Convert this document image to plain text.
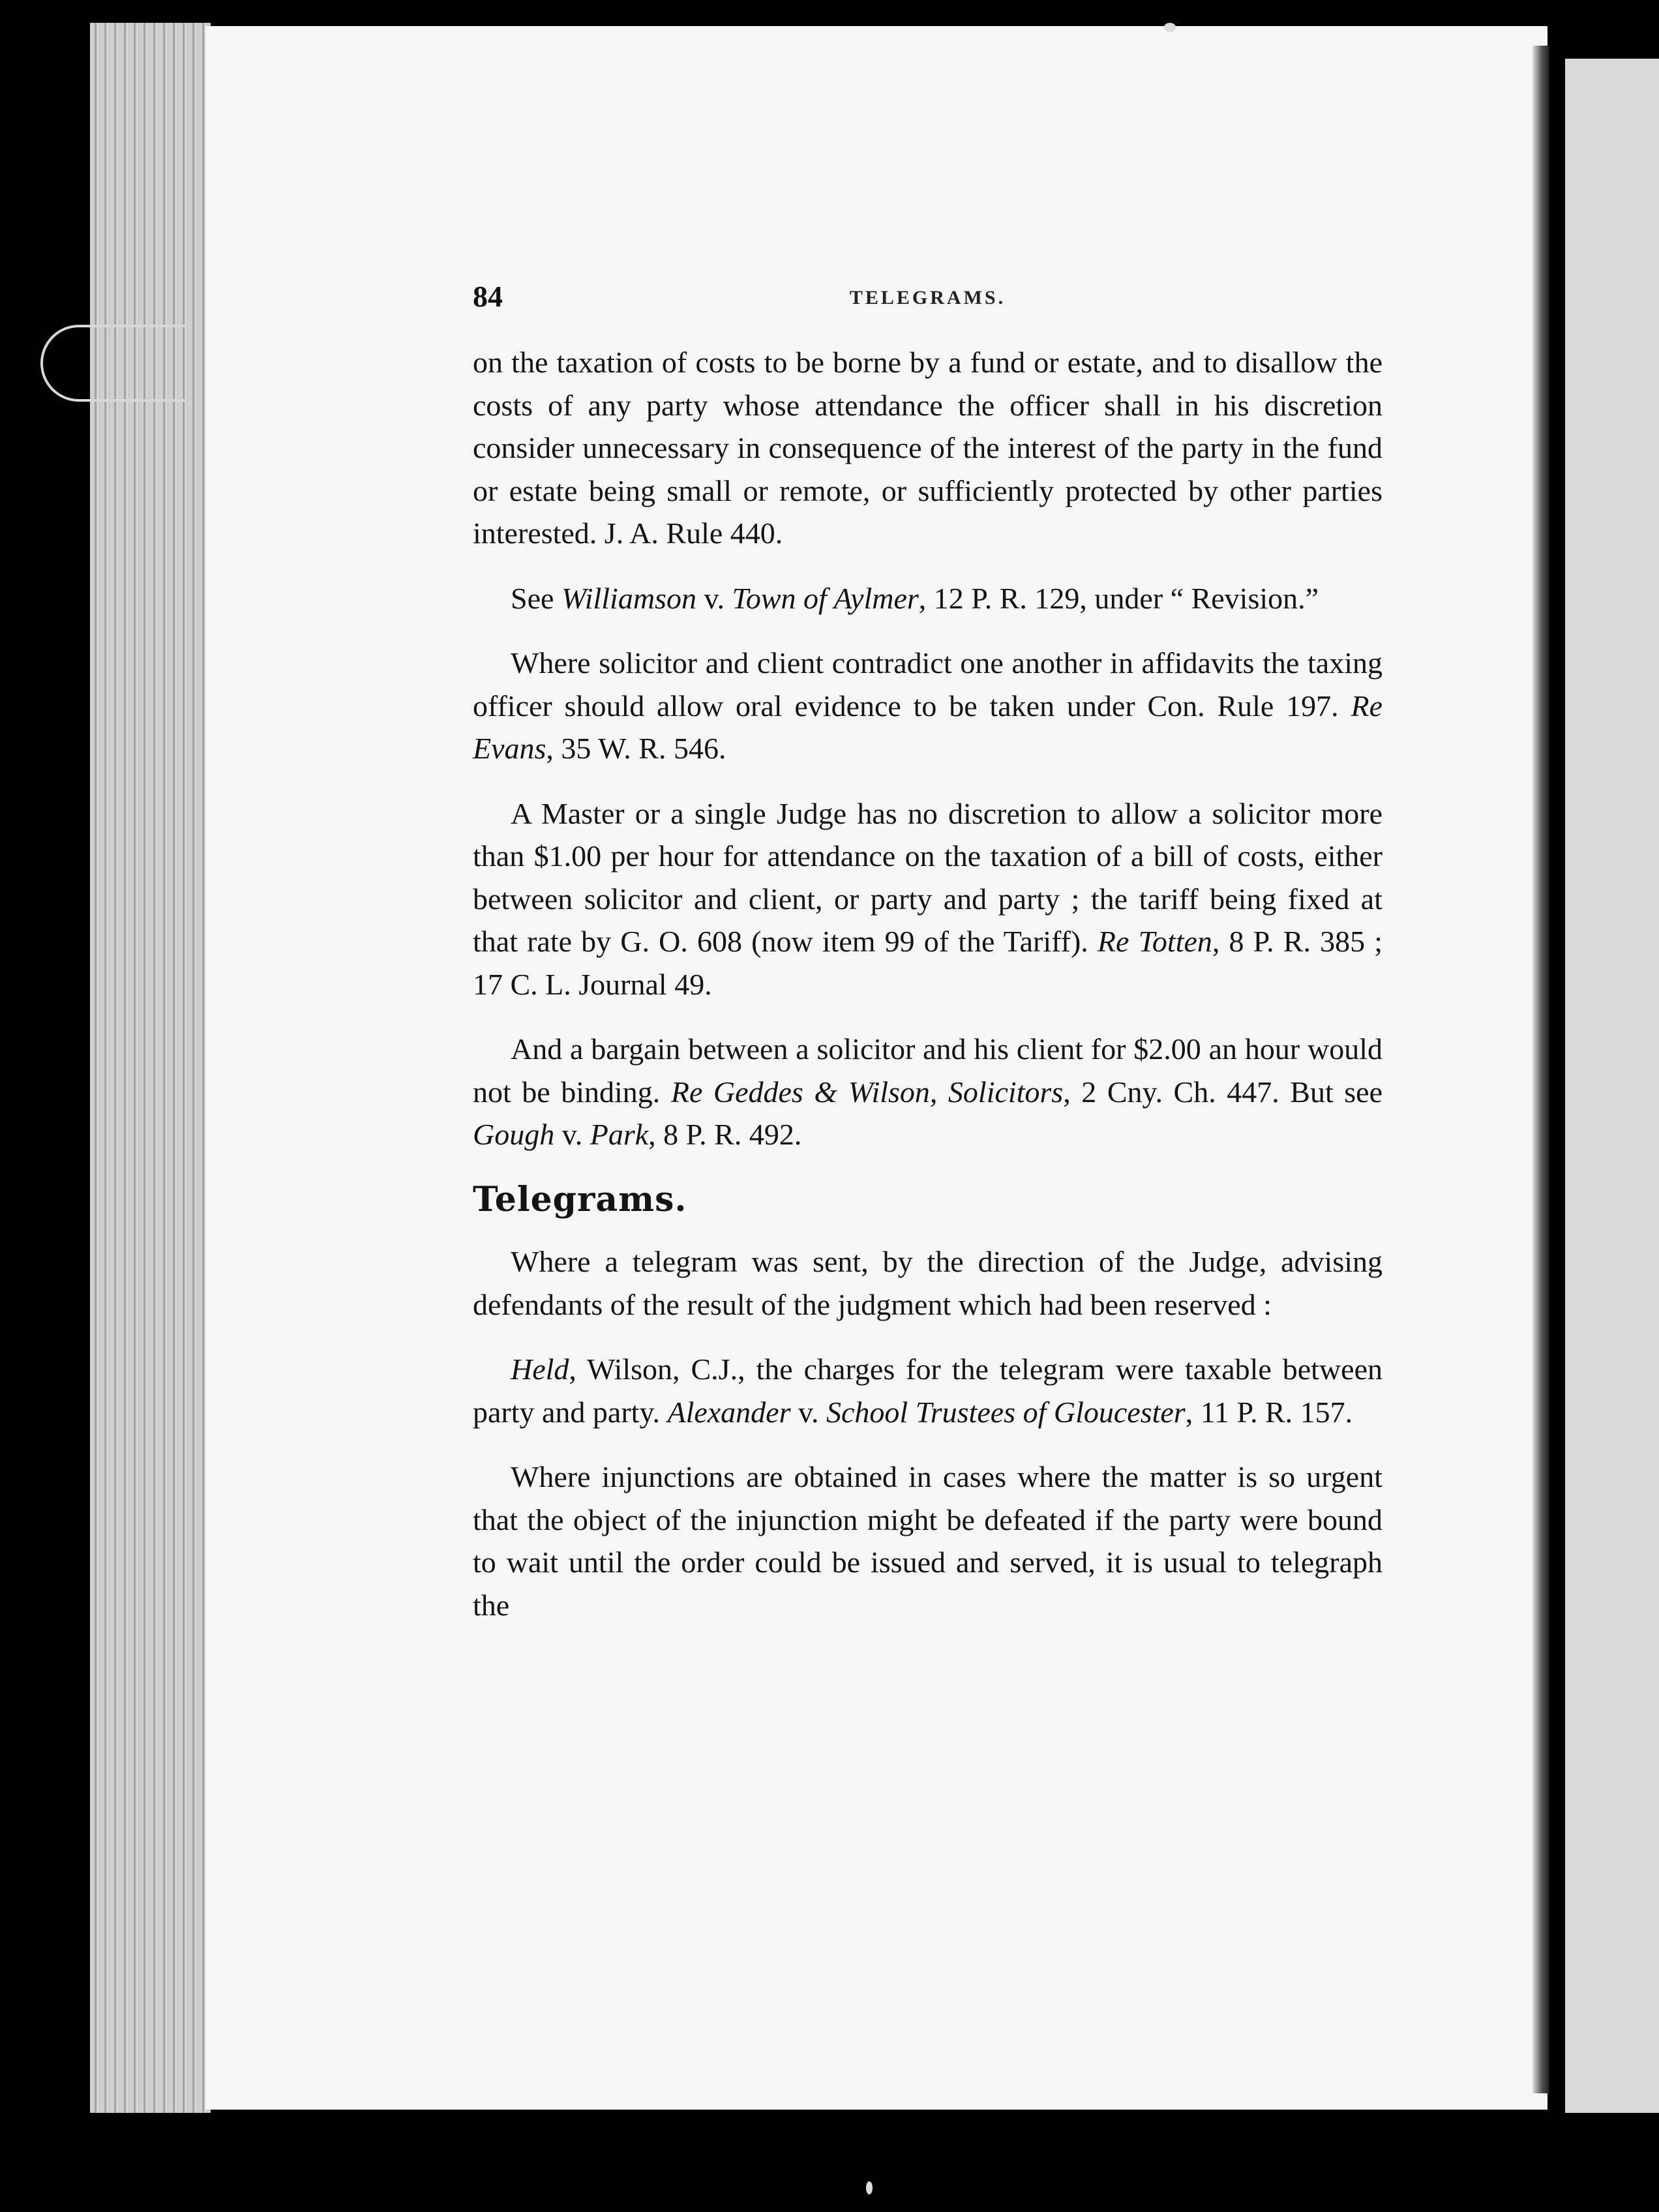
84	TELEGRAMS.

on the taxation of costs to be borne by a fund or estate, and to disallow the costs of any party whose attendance the officer shall in his discretion consider unnecessary in consequence of the interest of the party in the fund or estate being small or remote, or sufficiently protected by other parties interested. J. A. Rule 440.

See Williamson v. Town of Aylmer, 12 P. R. 129, under “ Revision.”

Where solicitor and client contradict one another in affidavits the taxing officer should allow oral evidence to be taken under Con. Rule 197. Re Evans, 35 W. R. 546.

A Master or a single Judge has no discretion to allow a solicitor more than $1.00 per hour for attendance on the taxation of a bill of costs, either between solicitor and client, or party and party ; the tariff being fixed at that rate by G. O. 608 (now item 99 of the Tariff). Re Totten, 8 P. R. 385 ; 17 C. L. Journal 49.

And a bargain between a solicitor and his client for $2.00 an hour would not be binding. Re Geddes & Wilson, Solicitors, 2 Cny. Ch. 447. But see Gough v. Park, 8 P. R. 492.

Telegrams.

Where a telegram was sent, by the direction of the Judge, advising defendants of the result of the judgment which had been reserved :

Held, Wilson, C.J., the charges for the telegram were taxable between party and party. Alexander v. School Trustees of Gloucester, 11 P. R. 157.

Where injunctions are obtained in cases where the matter is so urgent that the object of the injunction might be defeated if the party were bound to wait until the order could be issued and served, it is usual to telegraph the
